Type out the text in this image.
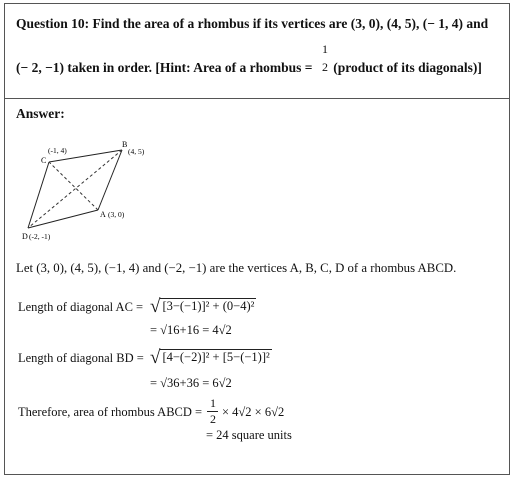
Question 10: Find the area of a rhombus if its vertices are (3, 0), (4, 5), (− 1, 4) and
(− 2, −1) taken in order. [Hint: Area of a rhombus =  (product of its diagonals)]
1
2
Answer:
A (3, 0)
B
(4, 5)
C
(-1, 4)
D (-2, -1)
Let (3, 0), (4, 5), (−1, 4) and (−2, −1) are the vertices A, B, C, D of a rhombus ABCD.
Length of diagonal AC = √ [3−(−1)]² + (0−4)²
= √16+16 = 4√2
Length of diagonal BD = √ [4−(−2)]² + [5−(−1)]²
= √36+36 = 6√2
Therefore, area of rhombus ABCD =
1
2 × 4√2 × 6√2
= 24 square units
